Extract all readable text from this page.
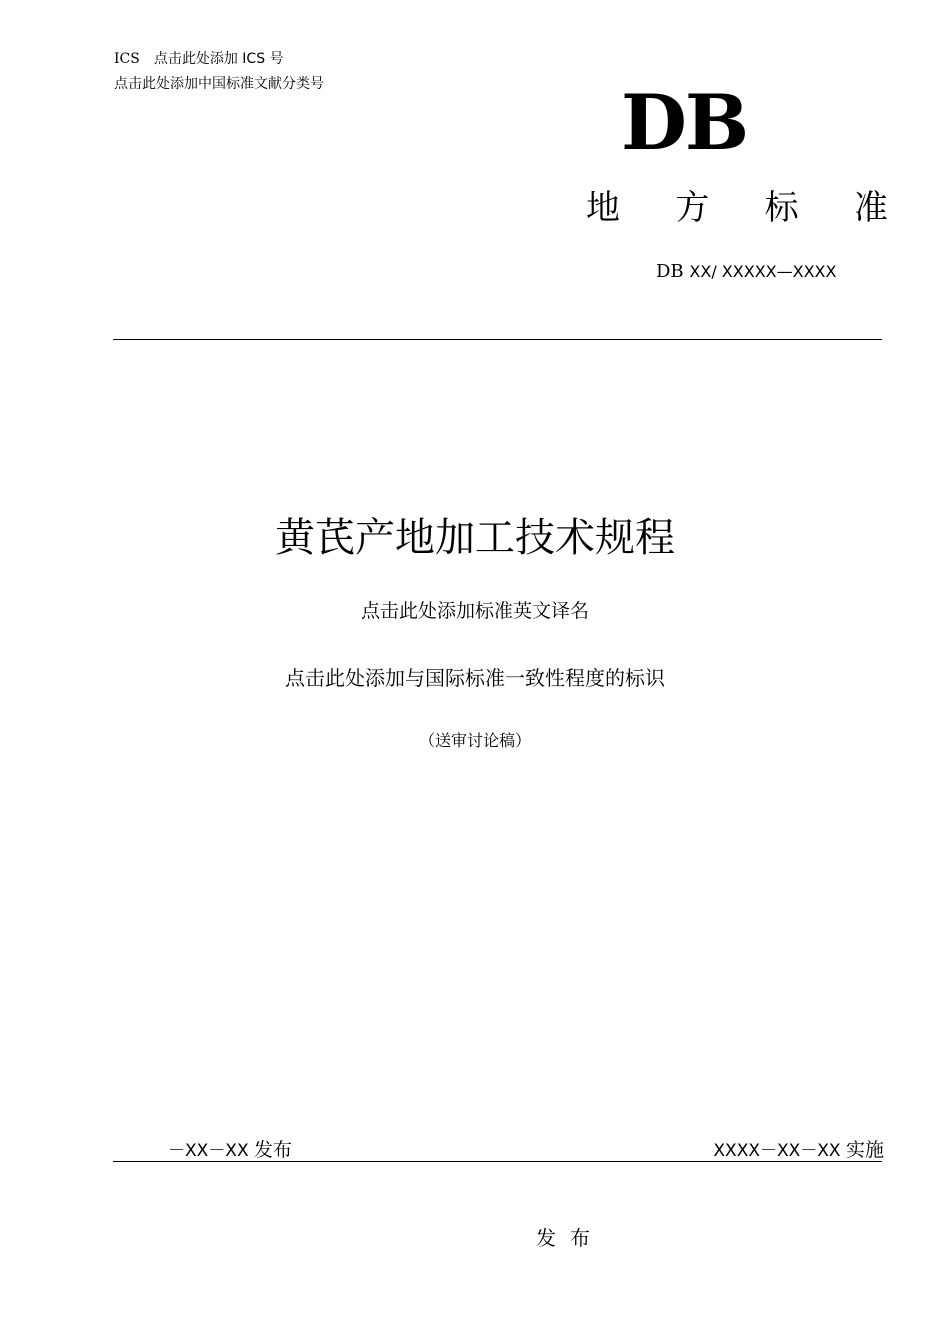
ICS 点击此处添加 ICS 号
点击此处添加中国标准文献分类号	DB
地 方 标 准
DB XX/ XXXXX—XXXX
黄芪产地加工技术规程
点击此处添加标准英文译名
点击此处添加与国际标准一致性程度的标识
（送审讨论稿）
－XX－XX 发布	XXXX－XX－XX 实施
发布
